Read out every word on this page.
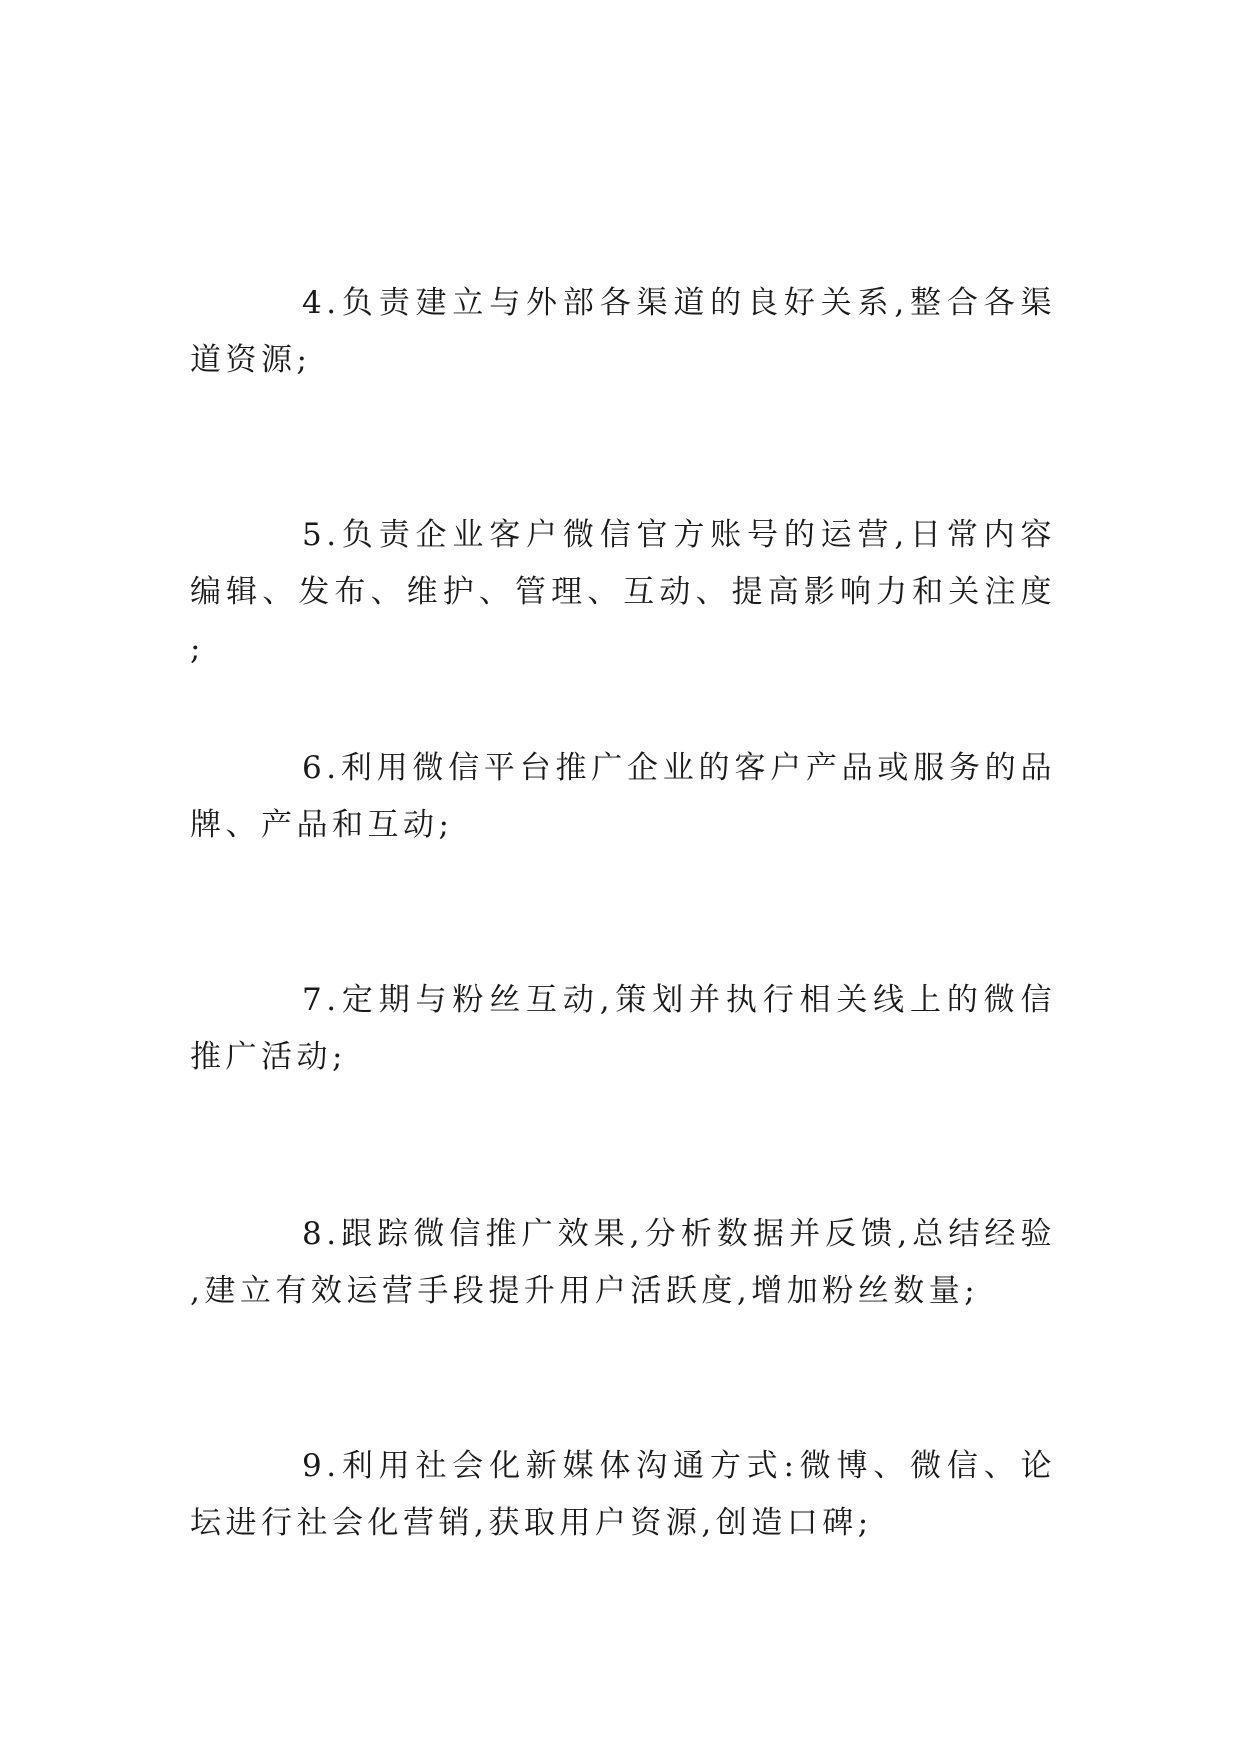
4.负责建立与外部各渠道的良好关系,整合各渠道资源;

5.负责企业客户微信官方账号的运营,日常内容编辑、发布、维护、管理、互动、提高影响力和关注度;

6.利用微信平台推广企业的客户产品或服务的品牌、产品和互动;

7.定期与粉丝互动,策划并执行相关线上的微信推广活动;

8.跟踪微信推广效果,分析数据并反馈,总结经验,建立有效运营手段提升用户活跃度,增加粉丝数量;

9.利用社会化新媒体沟通方式:微博、微信、论坛进行社会化营销,获取用户资源,创造口碑;
